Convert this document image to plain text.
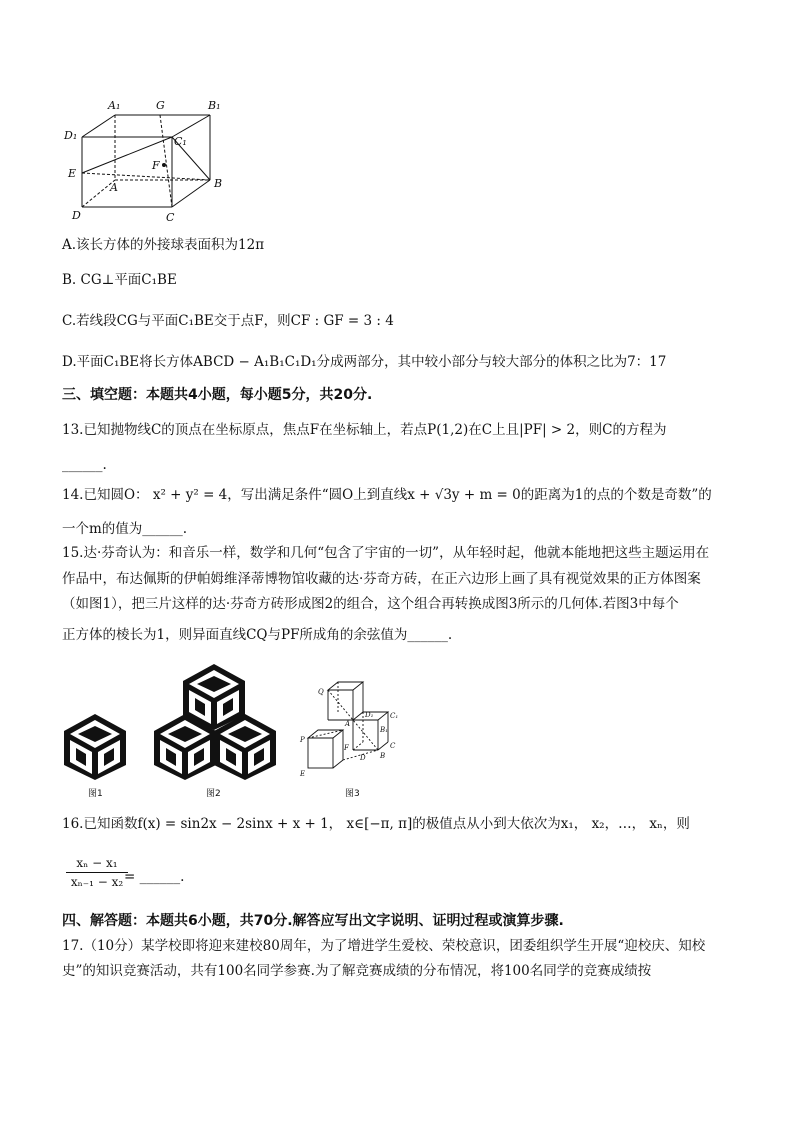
A₁	G	B₁
D₁	C₁
F
E
A	B
D	C
A.该长方体的外接球表面积为12π
B. CG⊥平面C₁BE
C.若线段CG与平面C₁BE交于点F，则CF : GF = 3 : 4
D.平面C₁BE将长方体ABCD − A₁B₁C₁D₁分成两部分，其中较小部分与较大部分的体积之比为7：17
三、填空题：本题共4小题，每小题5分，共20分.
13.已知抛物线C的顶点在坐标原点，焦点F在坐标轴上，若点P(1,2)在C上且|PF| > 2，则C的方程为
______.
14.已知圆O： x² + y² = 4，写出满足条件“圆O上到直线x + √3y + m = 0的距离为1的点的个数是奇数”的
一个m的值为______.
15.达·芬奇认为：和音乐一样，数学和几何“包含了宇宙的一切”，从年轻时起，他就本能地把这些主题运用在
作品中，布达佩斯的伊帕姆维泽蒂博物馆收藏的达·芬奇方砖，在正六边形上画了具有视觉效果的正方体图案
（如图1），把三片这样的达·芬奇方砖形成图2的组合，这个组合再转换成图3所示的几何体.若图3中每个
正方体的棱长为1，则异面直线CQ与PF所成角的余弦值为______.
Q
A
D₁ C₁
B₁
P
F
D
C
E
B
图1	图2	图3
16.已知函数f(x) = sin2x − 2sinx + x + 1， x∈[−π, π]的极值点从小到大依次为x₁， x₂，…， xₙ，则
$\frac{\text{xₙ − x₁}}{\text{xₙ₋₁ − x₂}}$
= ______.
四、解答题：本题共6小题，共70分.解答应写出文字说明、证明过程或演算步骤.
17.（10分）某学校即将迎来建校80周年，为了增进学生爱校、荣校意识，团委组织学生开展“迎校庆、知校
史”的知识竞赛活动，共有100名同学参赛.为了解竞赛成绩的分布情况，将100名同学的竞赛成绩按
